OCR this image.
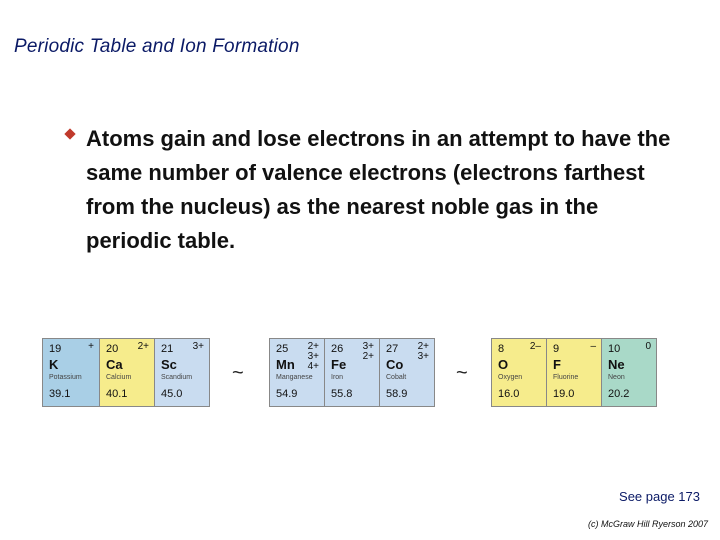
Periodic Table and Ion Formation
Atoms gain and lose electrons in an attempt to have the same number of valence electrons (electrons farthest from the nucleus) as the nearest noble gas in the periodic table.
19	+
K
Potassium
39.1
20 2+
Ca
Calcium
40.1
21 3+
Sc
Scandium
45.0
~
25 2+
3+
4+
Mn
Manganese
54.9
26 3+
2+
Fe
Iron
55.8
27 2+
3+
Co
Cobalt
58.9
~
8	2–
O
Oxygen
16.0
9	–
F
Fluorine
19.0
10	0
Ne
Neon
20.2
See page 173
(c) McGraw Hill Ryerson 2007
